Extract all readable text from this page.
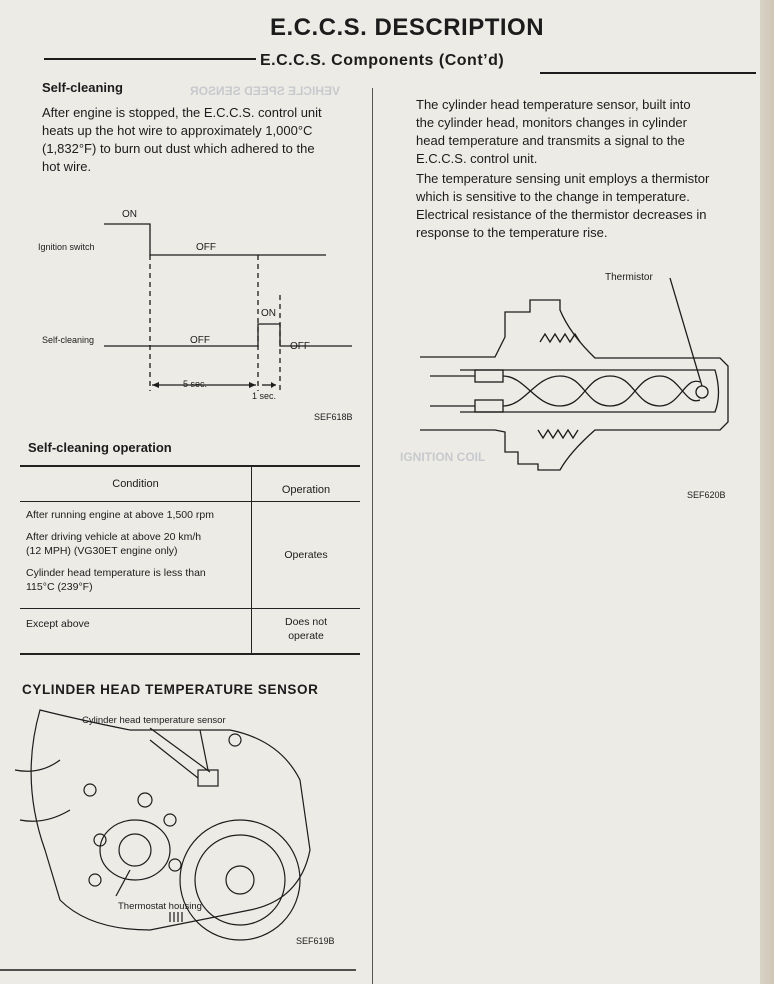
VEHICLE SPEED SENSOR
IGNITION COIL
E.C.C.S. DESCRIPTION
E.C.C.S. Components (Cont’d)
Self-cleaning
After engine is stopped, the E.C.C.S. control unit
heats up the hot wire to approximately 1,000°C
(1,832°F) to burn out dust which adhered to the
hot wire.
ON
Ignition switch	OFF
ON
Self-cleaning	OFF
OFF
5 sec.
1 sec.
SEF618B
Self-cleaning operation
Condition	Operation

After running engine at above 1,500 rpm
After driving vehicle at above 20 km/h
(12 MPH) (VG30ET engine only)
Cylinder head temperature is less than
115°C (239°F)	Operates
Except above	Does not
operate
CYLINDER HEAD TEMPERATURE SENSOR
Cylinder head temperature sensor
Thermostat housing
SEF619B
The cylinder head temperature sensor, built into
the cylinder head, monitors changes in cylinder
head temperature and transmits a signal to the
E.C.C.S. control unit.
The temperature sensing unit employs a thermistor
which is sensitive to the change in temperature.
Electrical resistance of the thermistor decreases in
response to the temperature rise.
Thermistor
SEF620B
